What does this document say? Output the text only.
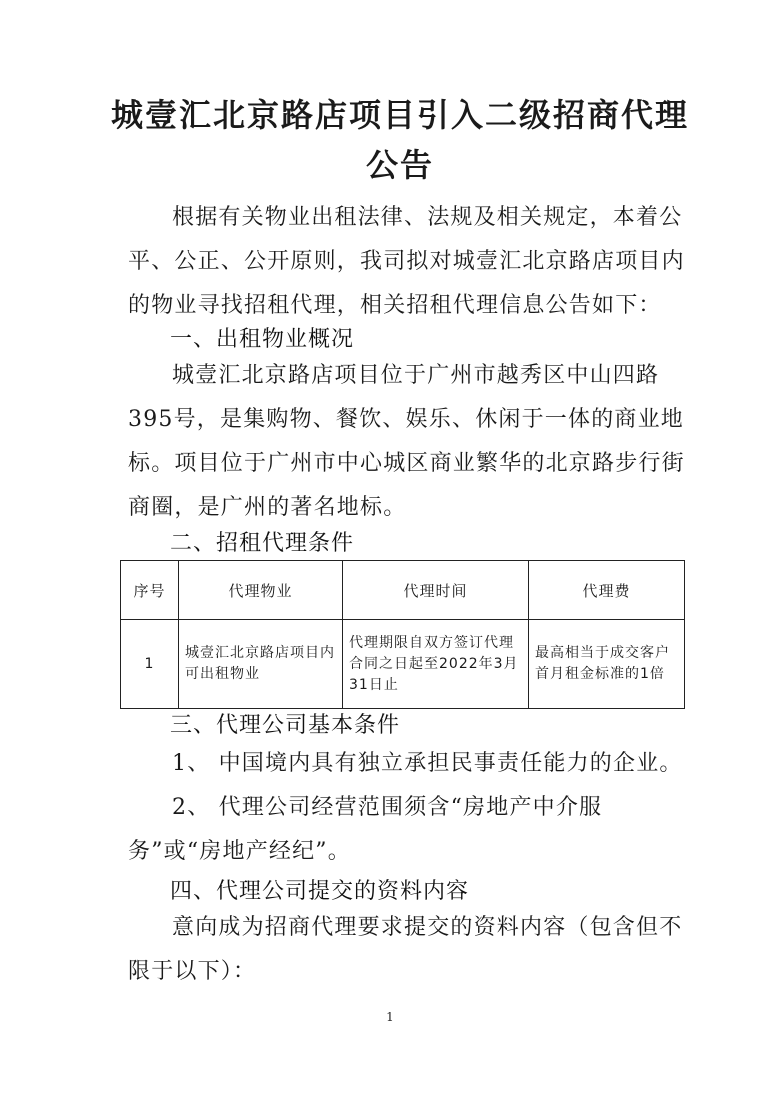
城壹汇北京路店项目引入二级招商代理
公告

根据有关物业出租法律、法规及相关规定，本着公平、公正、公开原则，我司拟对城壹汇北京路店项目内的物业寻找招租代理，相关招租代理信息公告如下：

一、出租物业概况

城壹汇北京路店项目位于广州市越秀区中山四路395号，是集购物、餐饮、娱乐、休闲于一体的商业地标。项目位于广州市中心城区商业繁华的北京路步行街商圈，是广州的著名地标。

二、招租代理条件

序号	代理物业	代理时间	代理费
1	城壹汇北京路店项目内可出租物业	代理期限自双方签订代理合同之日起至2022年3月31日止	最高相当于成交客户首月租金标准的1倍

三、代理公司基本条件

1、 中国境内具有独立承担民事责任能力的企业。

2、 代理公司经营范围须含“房地产中介服务”或“房地产经纪”。

四、代理公司提交的资料内容

意向成为招商代理要求提交的资料内容（包含但不限于以下）：

1
